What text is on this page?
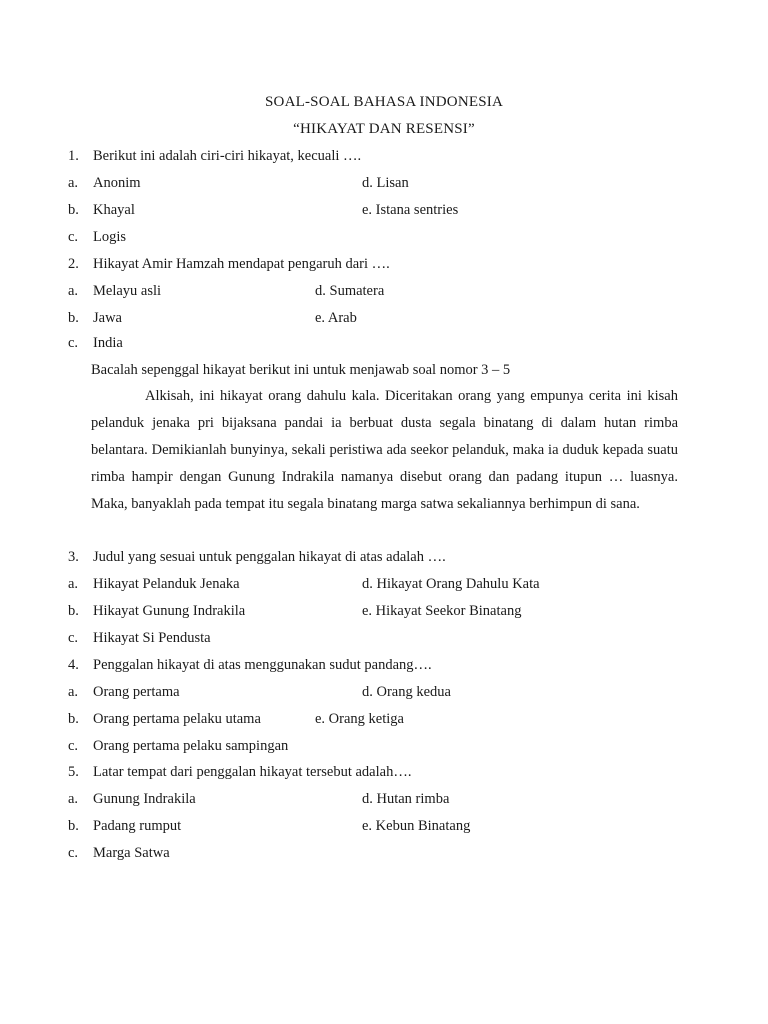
SOAL-SOAL BAHASA INDONESIA
“HIKAYAT DAN RESENSI”
1. Berikut ini adalah ciri-ciri hikayat, kecuali ….
a. Anonim	d. Lisan
b. Khayal	e. Istana sentries
c. Logis
2. Hikayat Amir Hamzah mendapat pengaruh dari ….
a. Melayu asli	d. Sumatera
b. Jawa	e. Arab
c. India
Bacalah sepenggal hikayat berikut ini untuk menjawab soal nomor 3 – 5
Alkisah, ini hikayat orang dahulu kala. Diceritakan orang yang empunya cerita ini kisah pelanduk jenaka pri bijaksana pandai ia berbuat dusta segala binatang di dalam hutan rimba belantara. Demikianlah bunyinya, sekali peristiwa ada seekor pelanduk, maka ia duduk kepada suatu rimba hampir dengan Gunung Indrakila namanya disebut orang dan padang itupun … luasnya. Maka, banyaklah pada tempat itu segala binatang marga satwa sekaliannya berhimpun di sana.
3. Judul yang sesuai untuk penggalan hikayat di atas adalah ….
a. Hikayat Pelanduk Jenaka	d. Hikayat Orang Dahulu Kata
b. Hikayat Gunung Indrakila	e. Hikayat Seekor Binatang
c. Hikayat Si Pendusta
4. Penggalan hikayat di atas menggunakan sudut pandang….
a. Orang pertama	d. Orang kedua
b. Orang pertama pelaku utama	e. Orang ketiga
c. Orang pertama pelaku sampingan
5. Latar tempat dari penggalan hikayat tersebut adalah….
a. Gunung Indrakila	d. Hutan rimba
b. Padang rumput	e. Kebun Binatang
c. Marga Satwa
